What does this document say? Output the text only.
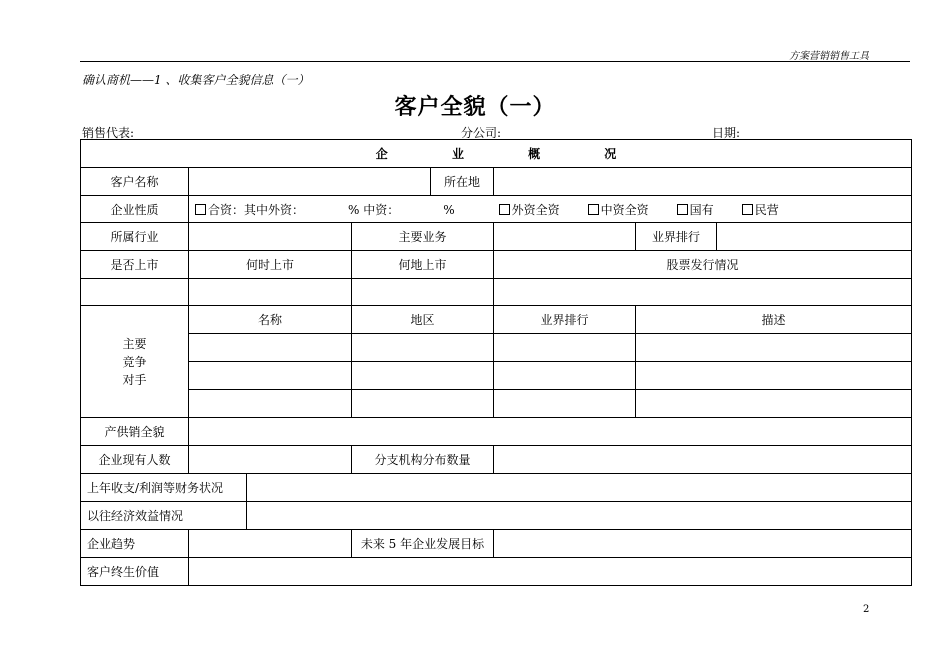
方案营销销售工具
确认商机——1 、收集客户全貌信息（一）
客户全貌（一）
销售代表:	分公司:	日期:
企 业 概 况							
客户名称				所在地			
企业性质	合资：其中外资： % 中资： % 外资全资 中资全资 国有 民营						
所属行业			主要业务			业界排行	
是否上市	何时上市		何地上市		股票发行情况		

主要
竞争
对手	名称		地区		业界排行	描述	

产供销全貌							
企业现有人数			分支机构分布数量				
上年收支/利润等财务状况							
以往经济效益情况							
企业趋势			未来 5 年企业发展目标				
客户终生价值							
2
